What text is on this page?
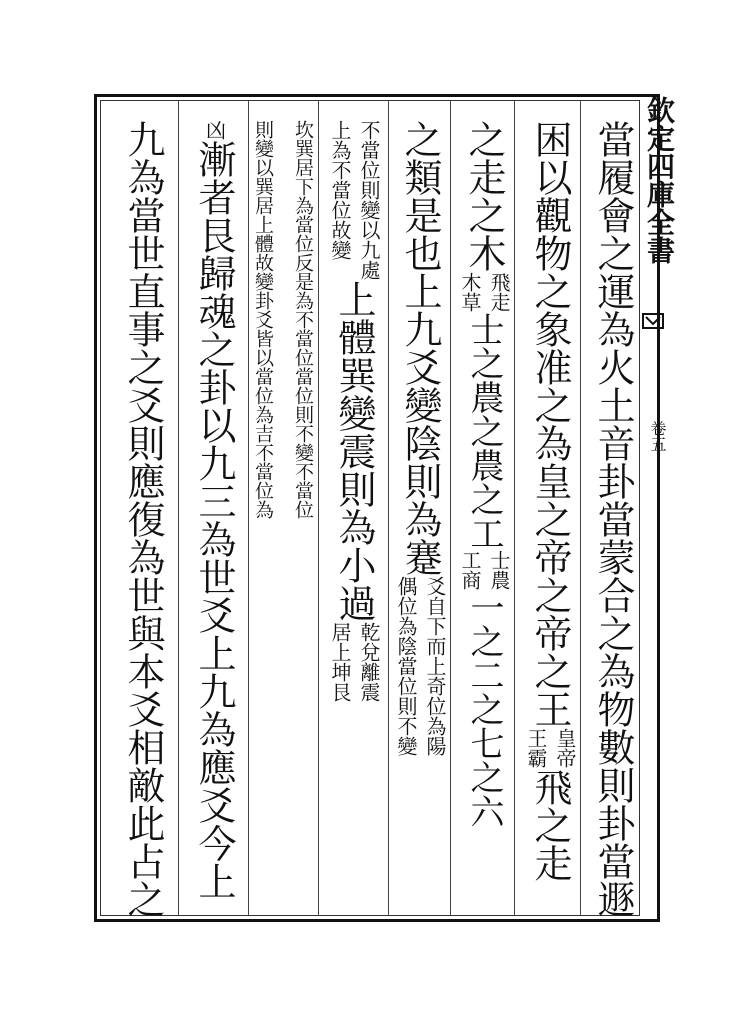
欽定四庫全書
卷五
當履會之運為火土音卦當蒙合之為物數則卦當遯
困以觀物之象准之為皇之帝之帝之王
皇帝
王霸
飛之走
之走之木
飛走
木草
士之農之農之工
士農
工商
一之二之七之六
之類是也上九爻變陰則為蹇
爻自下而上奇位為陽
偶位為陰當位則不變
不當位則變以九處
上為不當位故變
上體巽變震則為小過
乾兌離震
居上坤艮
坎巽居下為當位反是為不當位當位則不變不當位
則變以巽居上體故變卦爻皆以當位為吉不當位為
凶
漸者艮歸魂之卦以九三為世爻上九為應爻今上
九為當世直事之爻則應復為世與本爻相敵此占之
